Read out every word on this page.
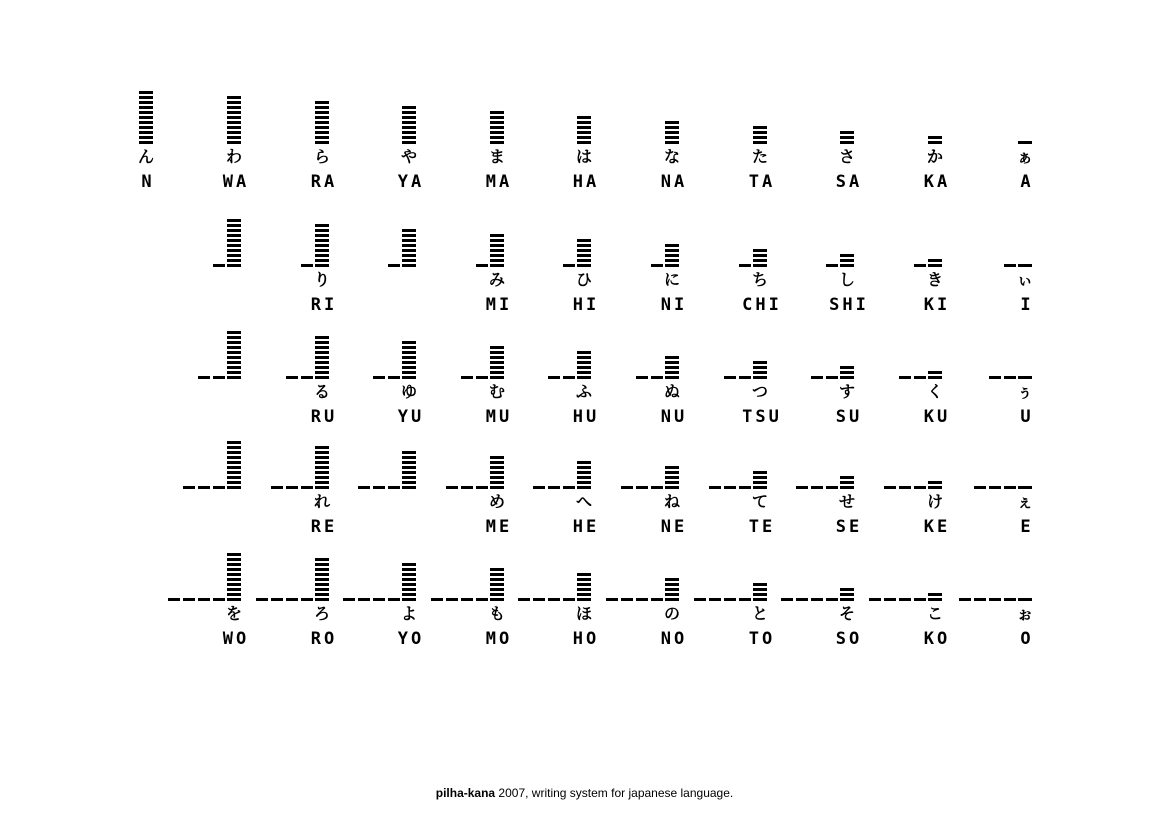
ん
N
わ
WA
を
WO
ら
RA
り
RI
る
RU
れ
RE
ろ
RO
や
YA
ゆ
YU
よ
YO
ま
MA
み
MI
む
MU
め
ME
も
MO
は
HA
ひ
HI
ふ
HU
へ
HE
ほ
HO
な
NA
に
NI
ぬ
NU
ね
NE
の
NO
た
TA
ち
CHI
つ
TSU
て
TE
と
TO
さ
SA
し
SHI
す
SU
せ
SE
そ
SO
か
KA
き
KI
く
KU
け
KE
こ
KO
ぁ
A
ぃ
I
ぅ
U
ぇ
E
ぉ
O
pilha-kana 2007, writing system for japanese language.
